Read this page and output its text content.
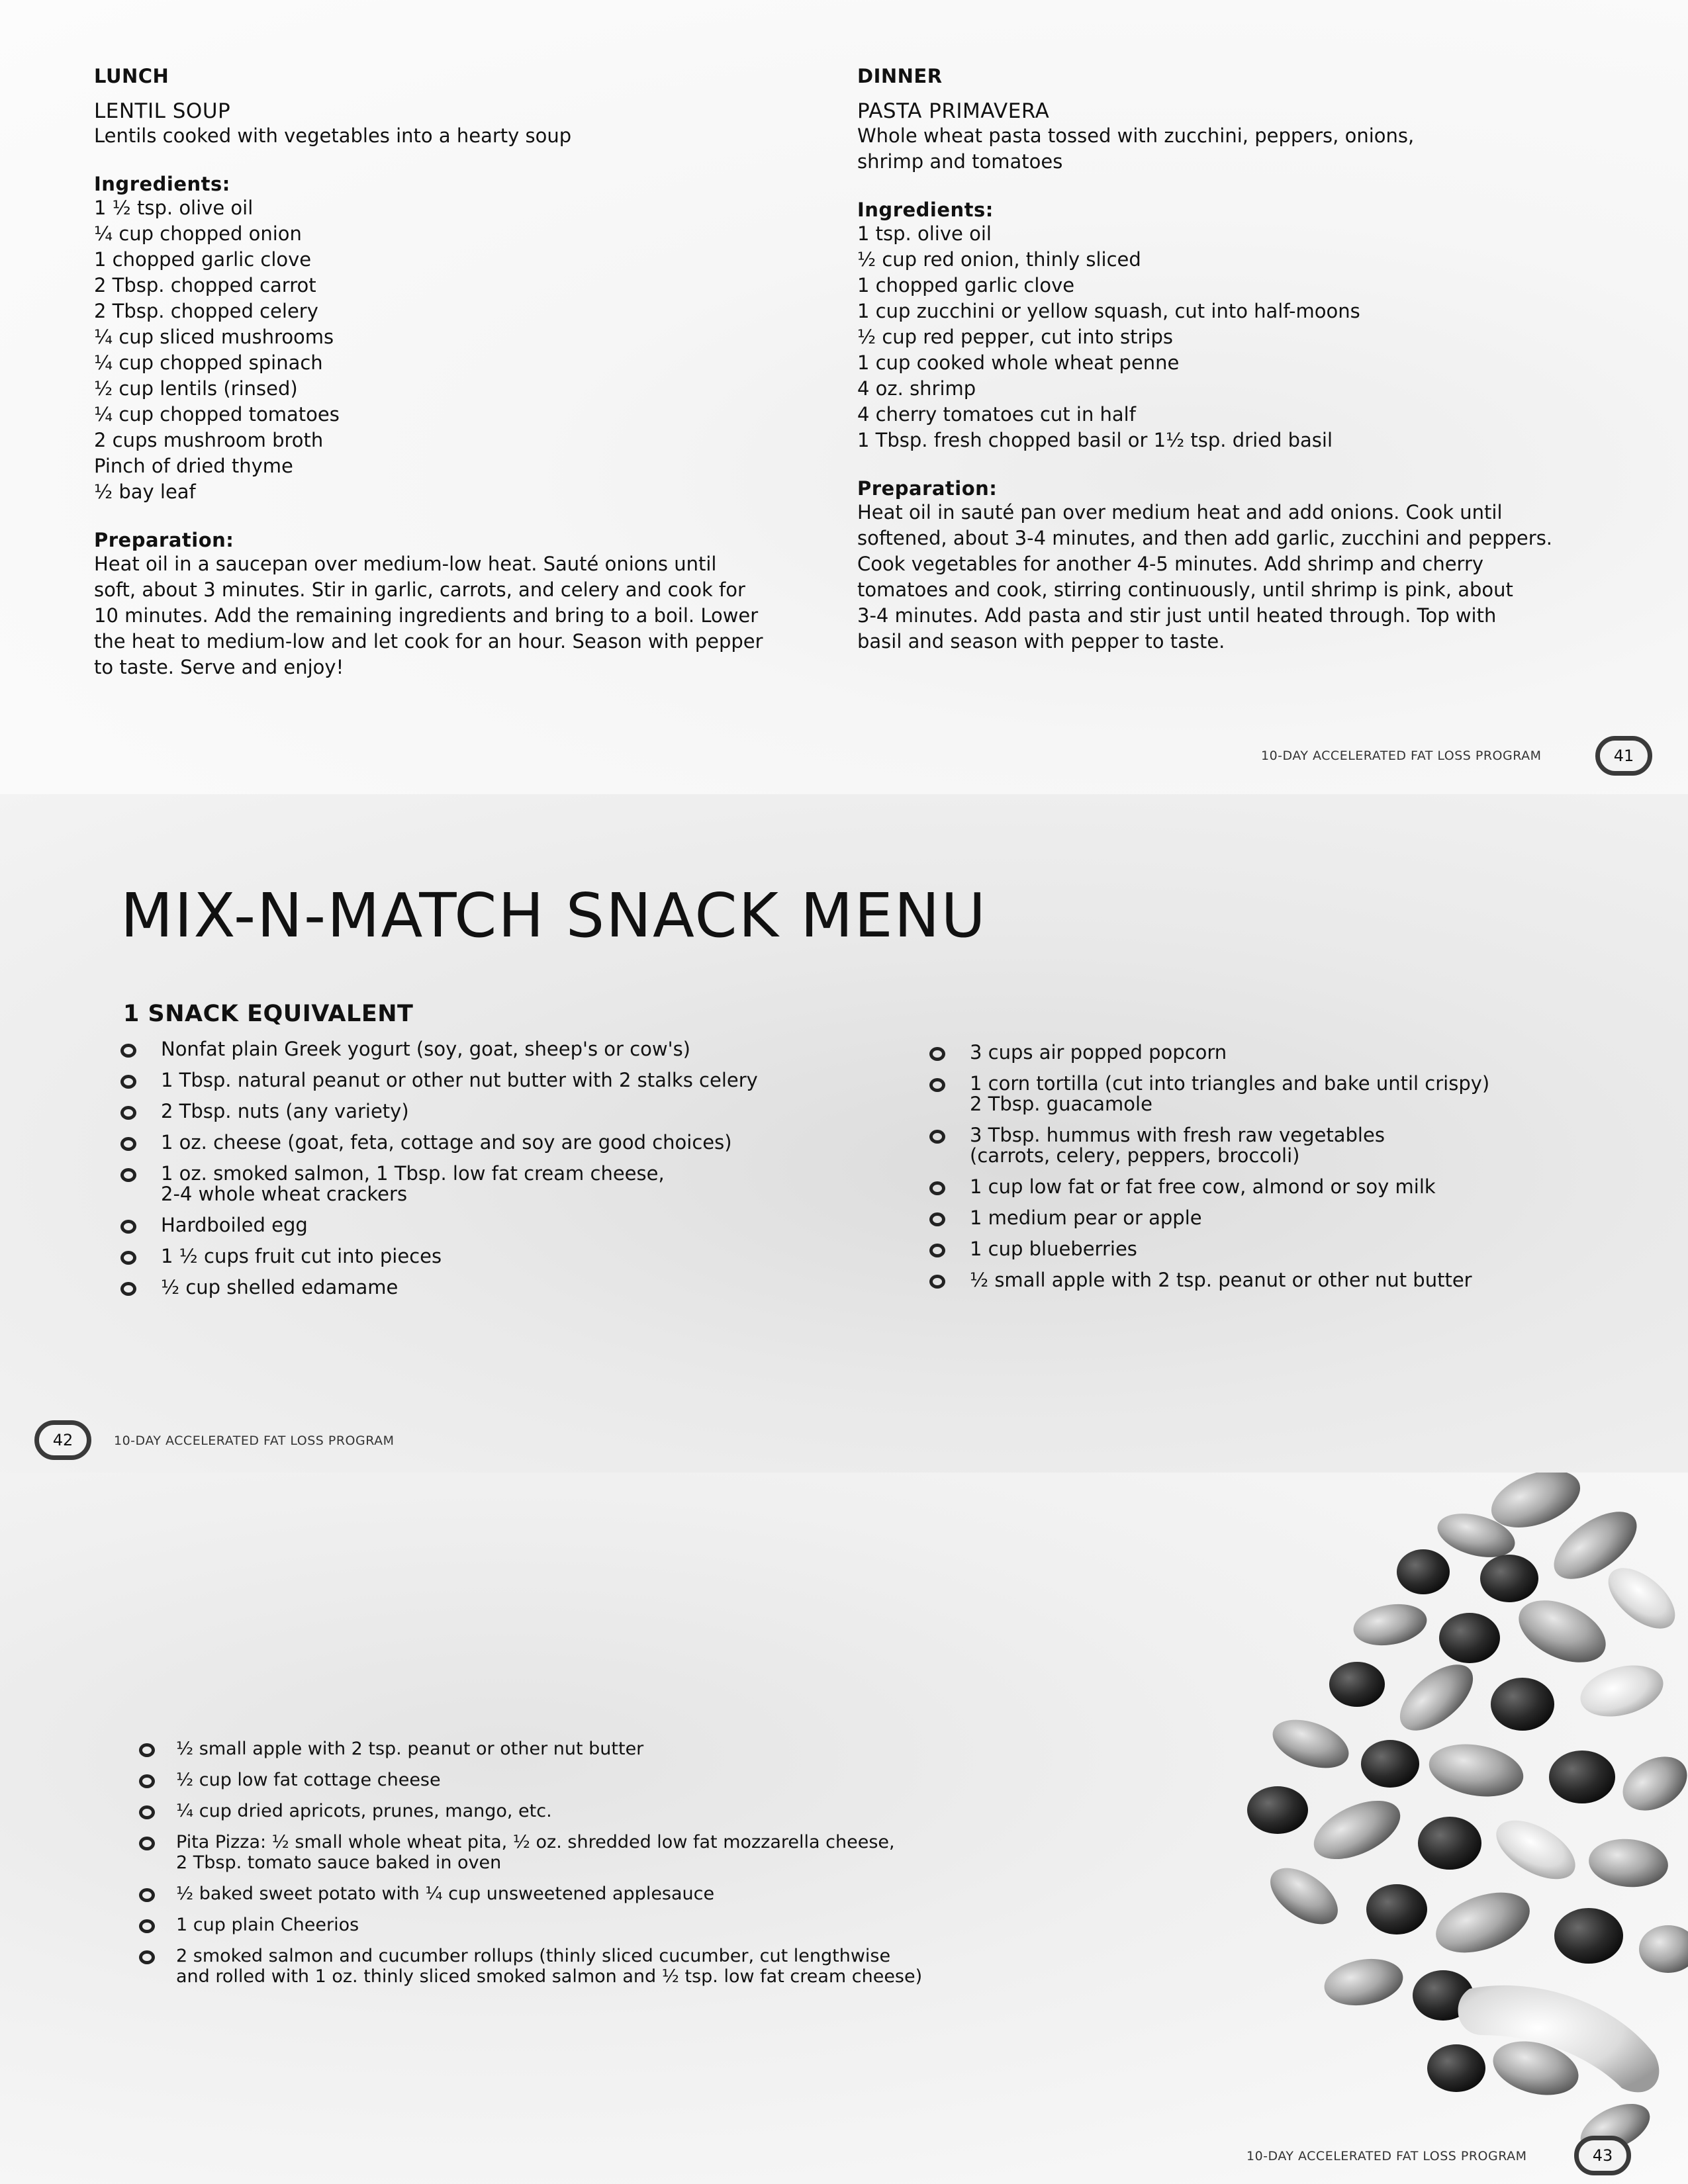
LUNCH
LENTIL SOUP
Lentils cooked with vegetables into a hearty soup
Ingredients:
1 ½ tsp. olive oil
¼ cup chopped onion
1 chopped garlic clove
2 Tbsp. chopped carrot
2 Tbsp. chopped celery
¼ cup sliced mushrooms
¼ cup chopped spinach
½ cup lentils (rinsed)
¼ cup chopped tomatoes
2 cups mushroom broth
Pinch of dried thyme
½ bay leaf
Preparation:
Heat oil in a saucepan over medium-low heat. Sauté onions until
soft, about 3 minutes. Stir in garlic, carrots, and celery and cook for
10 minutes. Add the remaining ingredients and bring to a boil. Lower
the heat to medium-low and let cook for an hour. Season with pepper
to taste. Serve and enjoy!
DINNER
PASTA PRIMAVERA
Whole wheat pasta tossed with zucchini, peppers, onions,
shrimp and tomatoes
Ingredients:
1 tsp. olive oil
½ cup red onion, thinly sliced
1 chopped garlic clove
1 cup zucchini or yellow squash, cut into half-moons
½ cup red pepper, cut into strips
1 cup cooked whole wheat penne
4 oz. shrimp
4 cherry tomatoes cut in half
1 Tbsp. fresh chopped basil or 1½ tsp. dried basil
Preparation:
Heat oil in sauté pan over medium heat and add onions. Cook until
softened, about 3-4 minutes, and then add garlic, zucchini and peppers.
Cook vegetables for another 4-5 minutes. Add shrimp and cherry
tomatoes and cook, stirring continuously, until shrimp is pink, about
3-4 minutes. Add pasta and stir just until heated through. Top with
basil and season with pepper to taste.
10-DAY ACCELERATED FAT LOSS PROGRAM	41
MIX-N-MATCH SNACK MENU
1 SNACK EQUIVALENT
Nonfat plain Greek yogurt (soy, goat, sheep's or cow's)
1 Tbsp. natural peanut or other nut butter with 2 stalks celery
2 Tbsp. nuts (any variety)
1 oz. cheese (goat, feta, cottage and soy are good choices)
1 oz. smoked salmon, 1 Tbsp. low fat cream cheese,
2-4 whole wheat crackers
Hardboiled egg
1 ½ cups fruit cut into pieces
½ cup shelled edamame
3 cups air popped popcorn
1 corn tortilla (cut into triangles and bake until crispy)
2 Tbsp. guacamole
3 Tbsp. hummus with fresh raw vegetables
(carrots, celery, peppers, broccoli)
1 cup low fat or fat free cow, almond or soy milk
1 medium pear or apple
1 cup blueberries
½ small apple with 2 tsp. peanut or other nut butter
42	10-DAY ACCELERATED FAT LOSS PROGRAM
½ small apple with 2 tsp. peanut or other nut butter
½ cup low fat cottage cheese
¼ cup dried apricots, prunes, mango, etc.
Pita Pizza: ½ small whole wheat pita, ½ oz. shredded low fat mozzarella cheese,
2 Tbsp. tomato sauce baked in oven
½ baked sweet potato with ¼ cup unsweetened applesauce
1 cup plain Cheerios
2 smoked salmon and cucumber rollups (thinly sliced cucumber, cut lengthwise
and rolled with 1 oz. thinly sliced smoked salmon and ½ tsp. low fat cream cheese)
10-DAY ACCELERATED FAT LOSS PROGRAM	43
